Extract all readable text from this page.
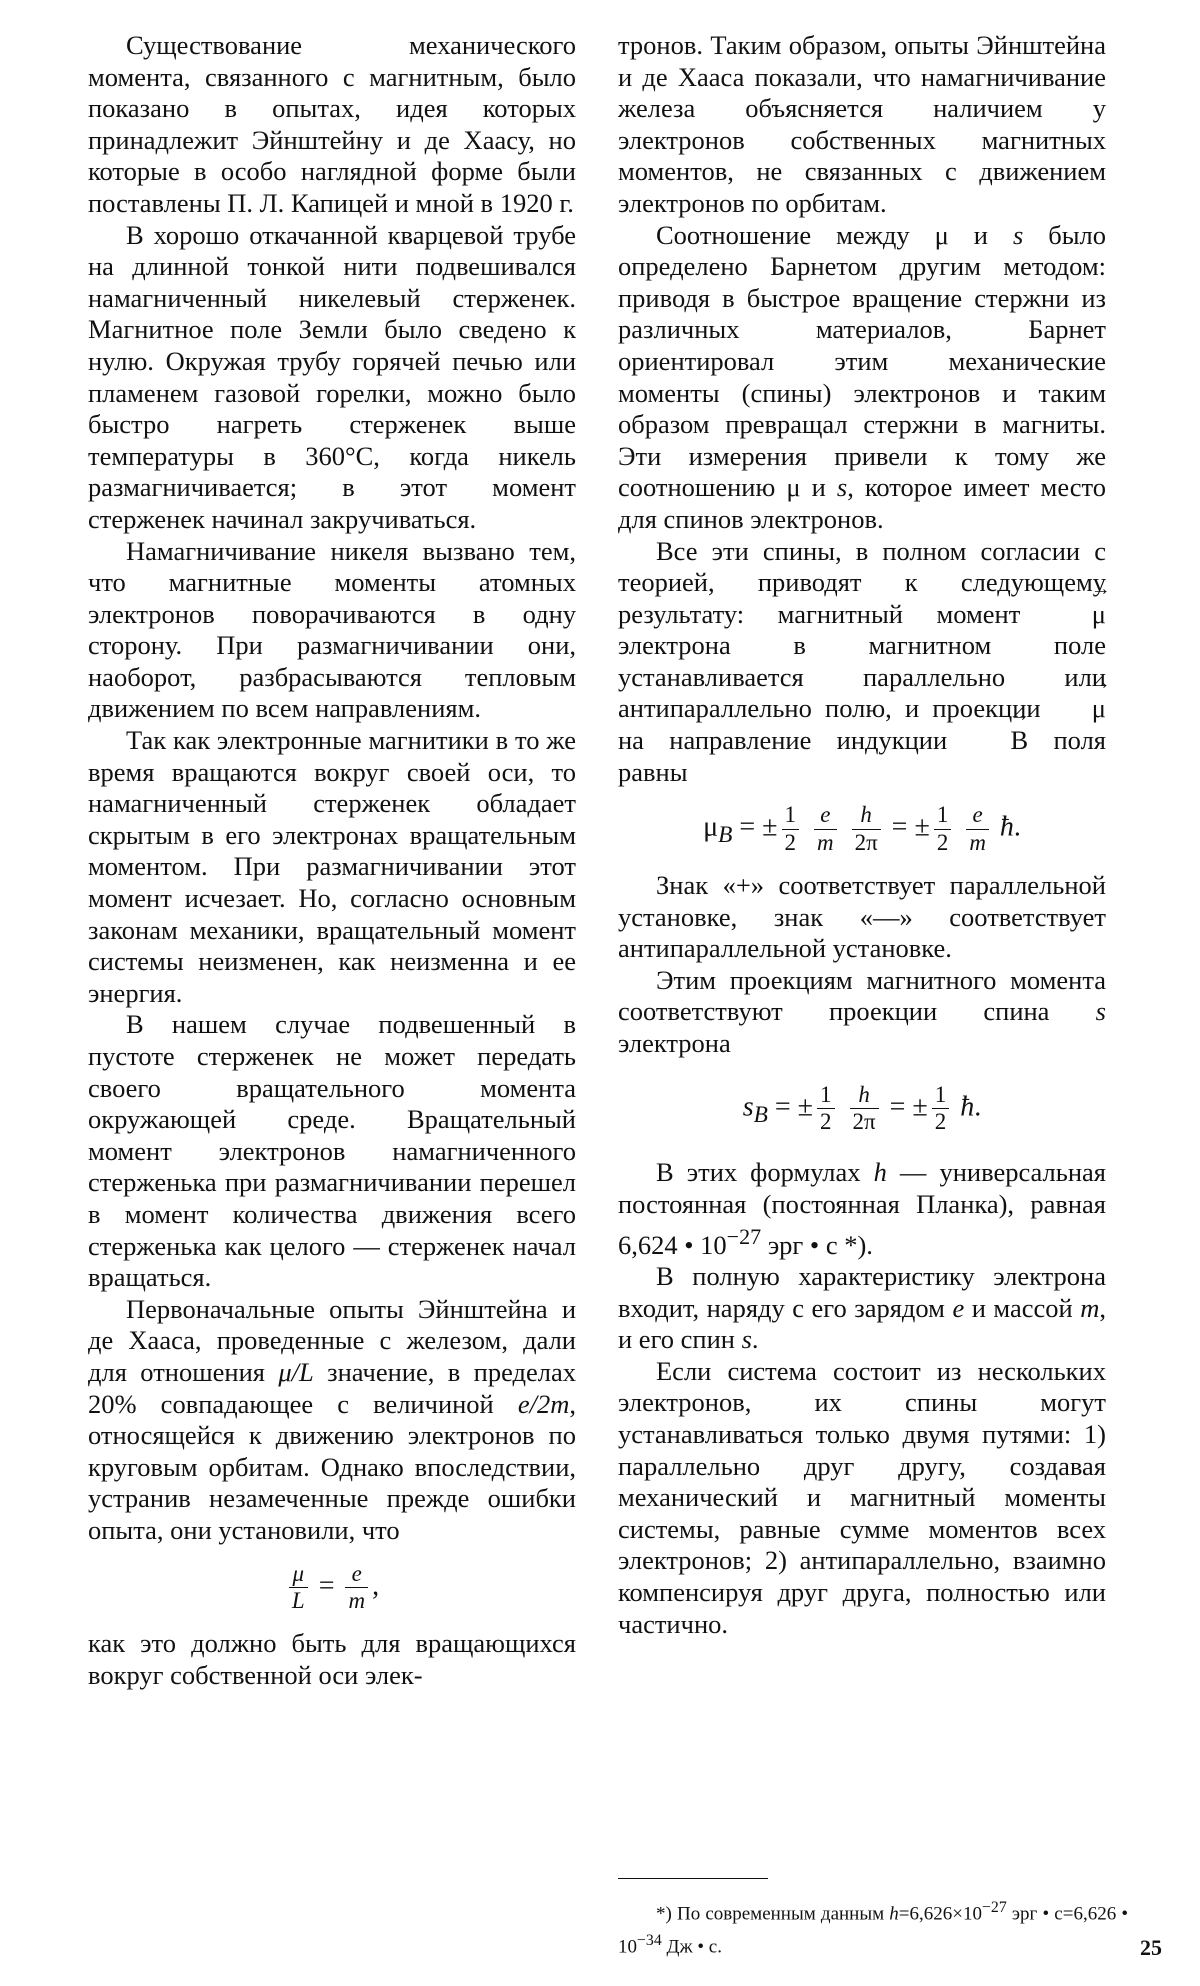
Существование механического момента, связанного с магнитным, было показано в опытах, идея которых принадлежит Эйнштейну и де Хаасу, но которые в особо наглядной форме были поставлены П. Л. Капицей и мной в 1920 г.

В хорошо откачанной кварцевой трубе на длинной тонкой нити подвешивался намагниченный никелевый стерженек. Магнитное поле Земли было сведено к нулю. Окружая трубу горячей печью или пламенем газовой горелки, можно было быстро нагреть стерженек выше температуры в 360°C, когда никель размагничивается; в этот момент стерженек начинал закручиваться.

Намагничивание никеля вызвано тем, что магнитные моменты атомных электронов поворачиваются в одну сторону. При размагничивании они, наоборот, разбрасываются тепловым движением по всем направлениям.

Так как электронные магнитики в то же время вращаются вокруг своей оси, то намагниченный стерженек обладает скрытым в его электронах вращательным моментом. При размагничивании этот момент исчезает. Но, согласно основным законам механики, вращательный момент системы неизменен, как неизменна и ее энергия.

В нашем случае подвешенный в пустоте стерженек не может передать своего вращательного момента окружающей среде. Вращательный момент электронов намагниченного стерженька при размагничивании перешел в момент количества движения всего стерженька как целого — стерженек начал вращаться.

Первоначальные опыты Эйнштейна и де Хааса, проведенные с железом, дали для отношения μ/L значение, в пределах 20% совпадающее с величиной e/2m, относящейся к движению электронов по круговым орбитам. Однако впоследствии, устранив незамеченные прежде ошибки опыта, они установили, что

$\frac{\mu}{L} = \frac{e}{m}$ ,

как это должно быть для вращающихся вокруг собственной оси элек-

тронов. Таким образом, опыты Эйнштейна и де Хааса показали, что намагничивание железа объясняется наличием у электронов собственных магнитных моментов, не связанных с движением электронов по орбитам.

Соотношение между μ и s было определено Барнетом другим методом: приводя в быстрое вращение стержни из различных материалов, Барнет ориентировал этим механические моменты (спины) электронов и таким образом превращал стержни в магниты. Эти измерения привели к тому же соотношению μ и s, которое имеет место для спинов электронов.

Все эти спины, в полном согласии с теорией, приводят к следующему результату: магнитный момент → μ электрона в магнитном поле устанавливается параллельно или антипараллельно полю, и проекции → μ на направление индукции → B поля равны

$\mu_B$ = ± $\frac{1}{2}$
$\frac{e}{m}$
$\frac{h}{2\pi}$ = ± $\frac{1}{2}$
$\frac{e}{m}$ ħ.

Знак «+» соответствует параллельной установке, знак «—» соответствует антипараллельной установке.

Этим проекциям магнитного момента соответствуют проекции спина s электрона

$s_B$ = ± $\frac{1}{2}$
$\frac{h}{2\pi}$ = ± $\frac{1}{2}$ ħ.

В этих формулах h — универсальная постоянная (постоянная Планка), равная 6,624 • $10^{-27}$ эрг • с *).

В полную характеристику электрона входит, наряду с его зарядом e и массой m, и его спин s.

Если система состоит из нескольких электронов, их спины могут устанавливаться только двумя путями: 1) параллельно друг другу, создавая механический и магнитный моменты системы, равные сумме моментов всех электронов; 2) антипараллельно, взаимно компенсируя друг друга, полностью или частично.

*) По современным данным $h=6,626\times 10^{-27}$ эрг • с=6,626 • $10^{-34}$ Дж • с.	25
